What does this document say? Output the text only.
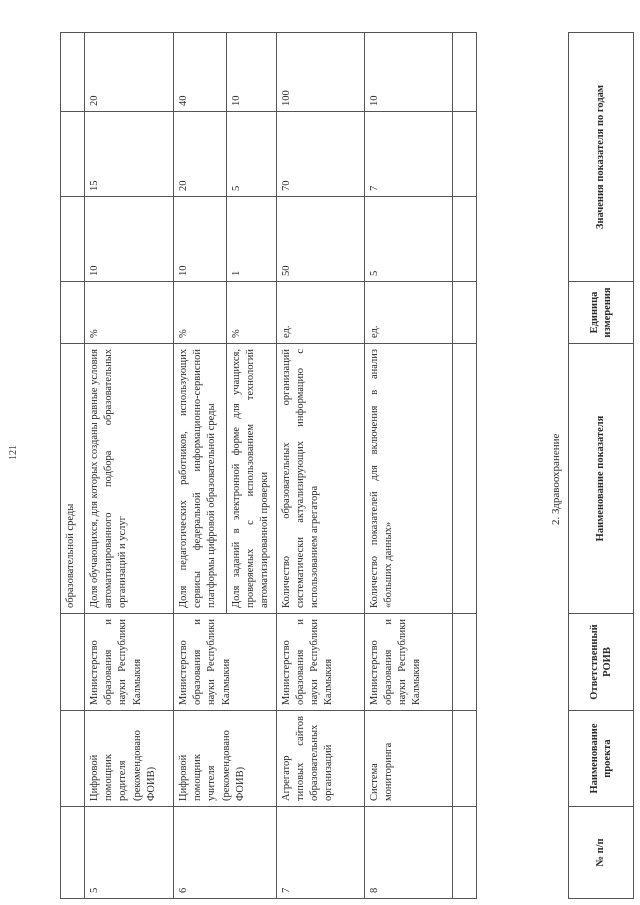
121
			образовательной среды				
5	Цифровой помощник родителя (рекомендовано ФОИВ)	Министерство образования и науки Республики Калмыкия	Доля обучающихся, для которых созданы равные условия автоматизированного подбора образовательных организаций и услуг	%	10	15	20
6	Цифровой помощник учителя (рекомендовано ФОИВ)	Министерство образования и науки Республики Калмыкия	Доля педагогических работников, использующих сервисы федеральной информационно-сервисной платформы цифровой образовательной среды	%	10	20	40
			Доля заданий в электронной форме для учащихся, проверяемых с использованием технологий автоматизированной проверки	%	1	5	10
7	Агрегатор типовых сайтов образовательных организаций	Министерство образования и науки Республики Калмыкия	Количество образовательных организаций систематически актуализирующих информацию с использованием агрегатора	ед.	50	70	100
8	Система мониторинга	Министерство образования и науки Республики Калмыкия	Количество показателей для включения в анализ «больших данных»	ед.	5	7	10

2. Здравоохранение
№ п/п	Наименование проекта	Ответственный РОИВ	Наименование показателя	Единица измерения	Значения показателя по годам
